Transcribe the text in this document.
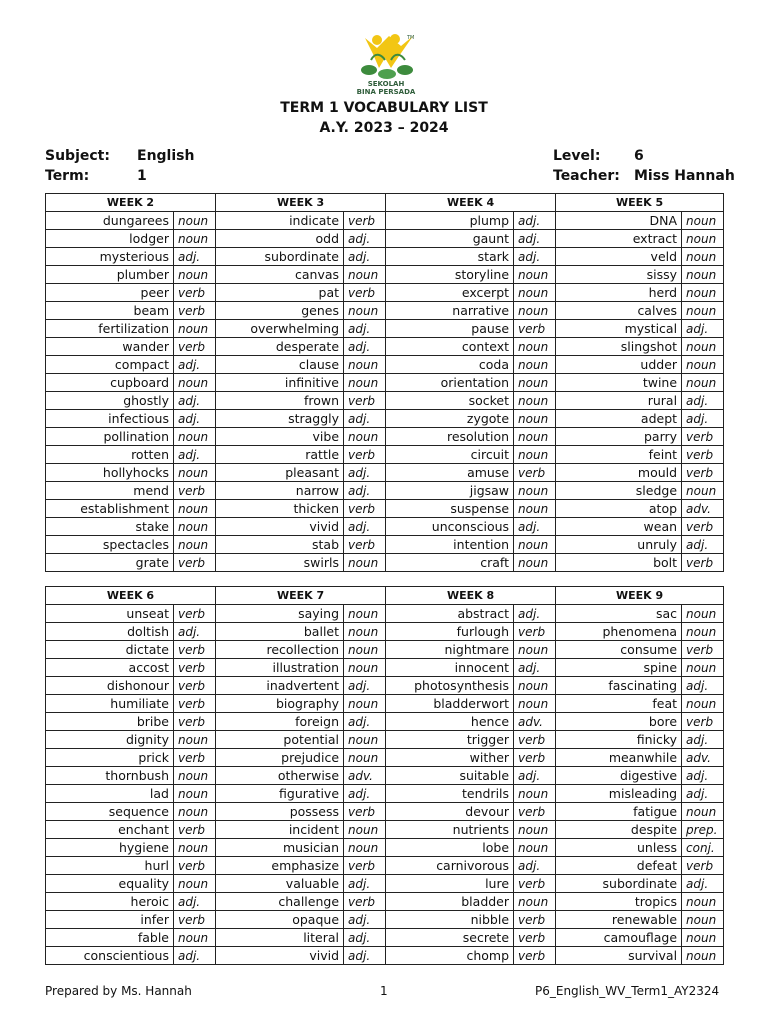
TM
SEKOLAH
BINA PERSADA
TERM 1 VOCABULARY LIST
A.Y. 2023 – 2024
Subject: English
Term:	1
Level: 6
Teacher: Miss Hannah
WEEK 2		WEEK 3		WEEK 4		WEEK 5	
dungarees	noun	indicate	verb	plump	adj.	DNA	noun
lodger	noun	odd	adj.	gaunt	adj.	extract	noun
mysterious	adj.	subordinate	adj.	stark	adj.	veld	noun
plumber	noun	canvas	noun	storyline	noun	sissy	noun
peer	verb	pat	verb	excerpt	noun	herd	noun
beam	verb	genes	noun	narrative	noun	calves	noun
fertilization	noun	overwhelming	adj.	pause	verb	mystical	adj.
wander	verb	desperate	adj.	context	noun	slingshot	noun
compact	adj.	clause	noun	coda	noun	udder	noun
cupboard	noun	infinitive	noun	orientation	noun	twine	noun
ghostly	adj.	frown	verb	socket	noun	rural	adj.
infectious	adj.	straggly	adj.	zygote	noun	adept	adj.
pollination	noun	vibe	noun	resolution	noun	parry	verb
rotten	adj.	rattle	verb	circuit	noun	feint	verb
hollyhocks	noun	pleasant	adj.	amuse	verb	mould	verb
mend	verb	narrow	adj.	jigsaw	noun	sledge	noun
establishment	noun	thicken	verb	suspense	noun	atop	adv.
stake	noun	vivid	adj.	unconscious	adj.	wean	verb
spectacles	noun	stab	verb	intention	noun	unruly	adj.
grate	verb	swirls	noun	craft	noun	bolt	verb
WEEK 6		WEEK 7		WEEK 8		WEEK 9	
unseat	verb	saying	noun	abstract	adj.	sac	noun
doltish	adj.	ballet	noun	furlough	verb	phenomena	noun
dictate	verb	recollection	noun	nightmare	noun	consume	verb
accost	verb	illustration	noun	innocent	adj.	spine	noun
dishonour	verb	inadvertent	adj.	photosynthesis	noun	fascinating	adj.
humiliate	verb	biography	noun	bladderwort	noun	feat	noun
bribe	verb	foreign	adj.	hence	adv.	bore	verb
dignity	noun	potential	noun	trigger	verb	finicky	adj.
prick	verb	prejudice	noun	wither	verb	meanwhile	adv.
thornbush	noun	otherwise	adv.	suitable	adj.	digestive	adj.
lad	noun	figurative	adj.	tendrils	noun	misleading	adj.
sequence	noun	possess	verb	devour	verb	fatigue	noun
enchant	verb	incident	noun	nutrients	noun	despite	prep.
hygiene	noun	musician	noun	lobe	noun	unless	conj.
hurl	verb	emphasize	verb	carnivorous	adj.	defeat	verb
equality	noun	valuable	adj.	lure	verb	subordinate	adj.
heroic	adj.	challenge	verb	bladder	noun	tropics	noun
infer	verb	opaque	adj.	nibble	verb	renewable	noun
fable	noun	literal	adj.	secrete	verb	camouflage	noun
conscientious	adj.	vivid	adj.	chomp	verb	survival	noun
Prepared by Ms. Hannah	1	P6_English_WV_Term1_AY2324
